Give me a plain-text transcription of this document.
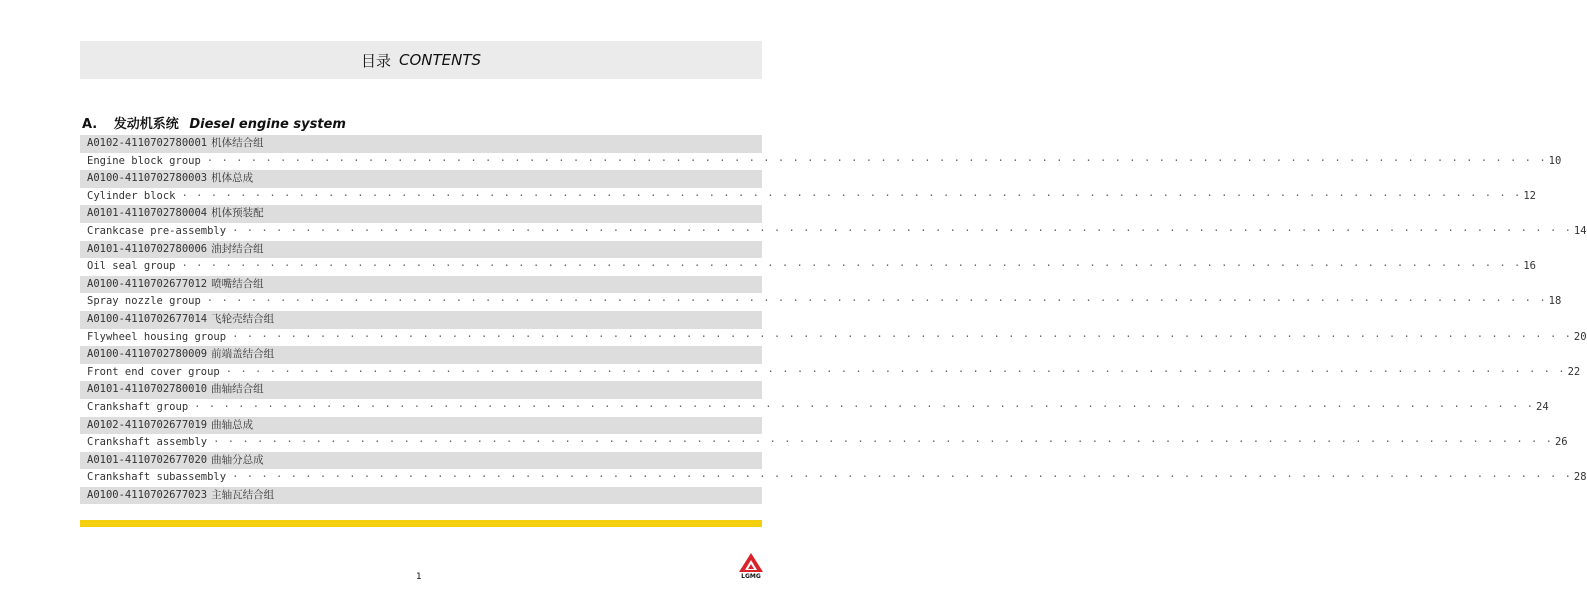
目录 CONTENTS
A. 发动机系统 Diesel engine system
A0102-4110702780001 机体结合组
Engine block group · · · · · · · · · · · · · · · · · · · · · · · · · · · · · · · · · · · · · · · · · · · · · · · · · · · · · · · · · · · · · · · · · · · · · · · · · · · · · · · · · · · · · · · · · · · · 10
A0100-4110702780003 机体总成
Cylinder block · · · · · · · · · · · · · · · · · · · · · · · · · · · · · · · · · · · · · · · · · · · · · · · · · · · · · · · · · · · · · · · · · · · · · · · · · · · · · · · · · · · · · · · · · · · · 12
A0101-4110702780004 机体预装配
Crankcase pre-assembly · · · · · · · · · · · · · · · · · · · · · · · · · · · · · · · · · · · · · · · · · · · · · · · · · · · · · · · · · · · · · · · · · · · · · · · · · · · · · · · · · · · · · · · · · · · · 14
A0101-4110702780006 油封结合组
Oil seal group · · · · · · · · · · · · · · · · · · · · · · · · · · · · · · · · · · · · · · · · · · · · · · · · · · · · · · · · · · · · · · · · · · · · · · · · · · · · · · · · · · · · · · · · · · · · 16
A0100-4110702677012 喷嘴结合组
Spray nozzle group · · · · · · · · · · · · · · · · · · · · · · · · · · · · · · · · · · · · · · · · · · · · · · · · · · · · · · · · · · · · · · · · · · · · · · · · · · · · · · · · · · · · · · · · · · · · 18
A0100-4110702677014 飞轮壳结合组
Flywheel housing group · · · · · · · · · · · · · · · · · · · · · · · · · · · · · · · · · · · · · · · · · · · · · · · · · · · · · · · · · · · · · · · · · · · · · · · · · · · · · · · · · · · · · · · · · · · · 20
A0100-4110702780009 前端盖结合组
Front end cover group · · · · · · · · · · · · · · · · · · · · · · · · · · · · · · · · · · · · · · · · · · · · · · · · · · · · · · · · · · · · · · · · · · · · · · · · · · · · · · · · · · · · · · · · · · · · 22
A0101-4110702780010 曲轴结合组
Crankshaft group · · · · · · · · · · · · · · · · · · · · · · · · · · · · · · · · · · · · · · · · · · · · · · · · · · · · · · · · · · · · · · · · · · · · · · · · · · · · · · · · · · · · · · · · · · · · 24
A0102-4110702677019 曲轴总成
Crankshaft assembly · · · · · · · · · · · · · · · · · · · · · · · · · · · · · · · · · · · · · · · · · · · · · · · · · · · · · · · · · · · · · · · · · · · · · · · · · · · · · · · · · · · · · · · · · · · · 26
A0101-4110702677020 曲轴分总成
Crankshaft subassembly · · · · · · · · · · · · · · · · · · · · · · · · · · · · · · · · · · · · · · · · · · · · · · · · · · · · · · · · · · · · · · · · · · · · · · · · · · · · · · · · · · · · · · · · · · · · 28
A0100-4110702677023 主轴瓦结合组
1	LGMG
